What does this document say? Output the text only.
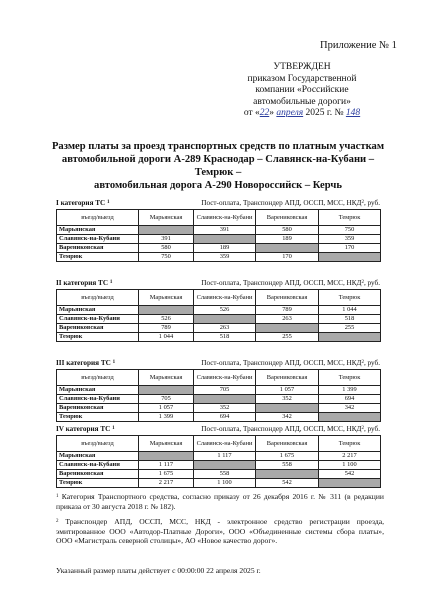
Приложение № 1
УТВЕРЖДЕН
приказом Государственной
компании «Российские
автомобильные дороги»
от «22» апреля 2025 г. № 148
Размер платы за проезд транспортных средств по платным участкам
автомобильной дороги А-289 Краснодар – Славянск-на-Кубани – Темрюк –
автомобильная дорога А-290 Новороссийск – Керчь
I категория ТС $^1$	Пост-оплата, Транспондер АПД, ОССП, МСС, НКД$^2$, руб.
въезд/выезд	Марьянская	Славянск-на-Кубани	Варениковская	Темрюк
Марьянская		391	580	750
Славянск-на-Кубани	391		189	359
Варениковская	580	189		170
Темрюк	750	359	170	
II категория ТС $^1$	Пост-оплата, Транспондер АПД, ОССП, МСС, НКД$^2$, руб.
въезд/выезд	Марьянская	Славянск-на-Кубани	Варениковская	Темрюк
Марьянская		526	789	1 044
Славянск-на-Кубани	526		263	518
Варениковская	789	263		255
Темрюк	1 044	518	255	
III категория ТС $^1$	Пост-оплата, Транспондер АПД, ОССП, МСС, НКД$^2$, руб.
въезд/выезд	Марьянская	Славянск-на-Кубани	Варениковская	Темрюк
Марьянская		705	1 057	1 399
Славянск-на-Кубани	705		352	694
Варениковская	1 057	352		342
Темрюк	1 399	694	342	
IV категория ТС $^1$	Пост-оплата, Транспондер АПД, ОССП, МСС, НКД$^2$, руб.
въезд/выезд	Марьянская	Славянск-на-Кубани	Варениковская	Темрюк
Марьянская		1 117	1 675	2 217
Славянск-на-Кубани	1 117		558	1 100
Варениковская	1 675	558		542
Темрюк	2 217	1 100	542	
$^1$ Категория Транспортного средства, согласно приказу от 26 декабря 2016 г. № 311 (в редакции приказа от 30 августа 2018 г. № 182).
$^2$ Транспондер АПД, ОССП, МСС, НКД - электронное средство регистрации проезда, эмитированное ООО «Автодор-Платные Дороги», ООО «Объединенные системы сбора платы», ООО «Магистраль северной столицы», АО «Новое качество дорог».
Указанный размер платы действует с 00:00:00 22 апреля 2025 г.
